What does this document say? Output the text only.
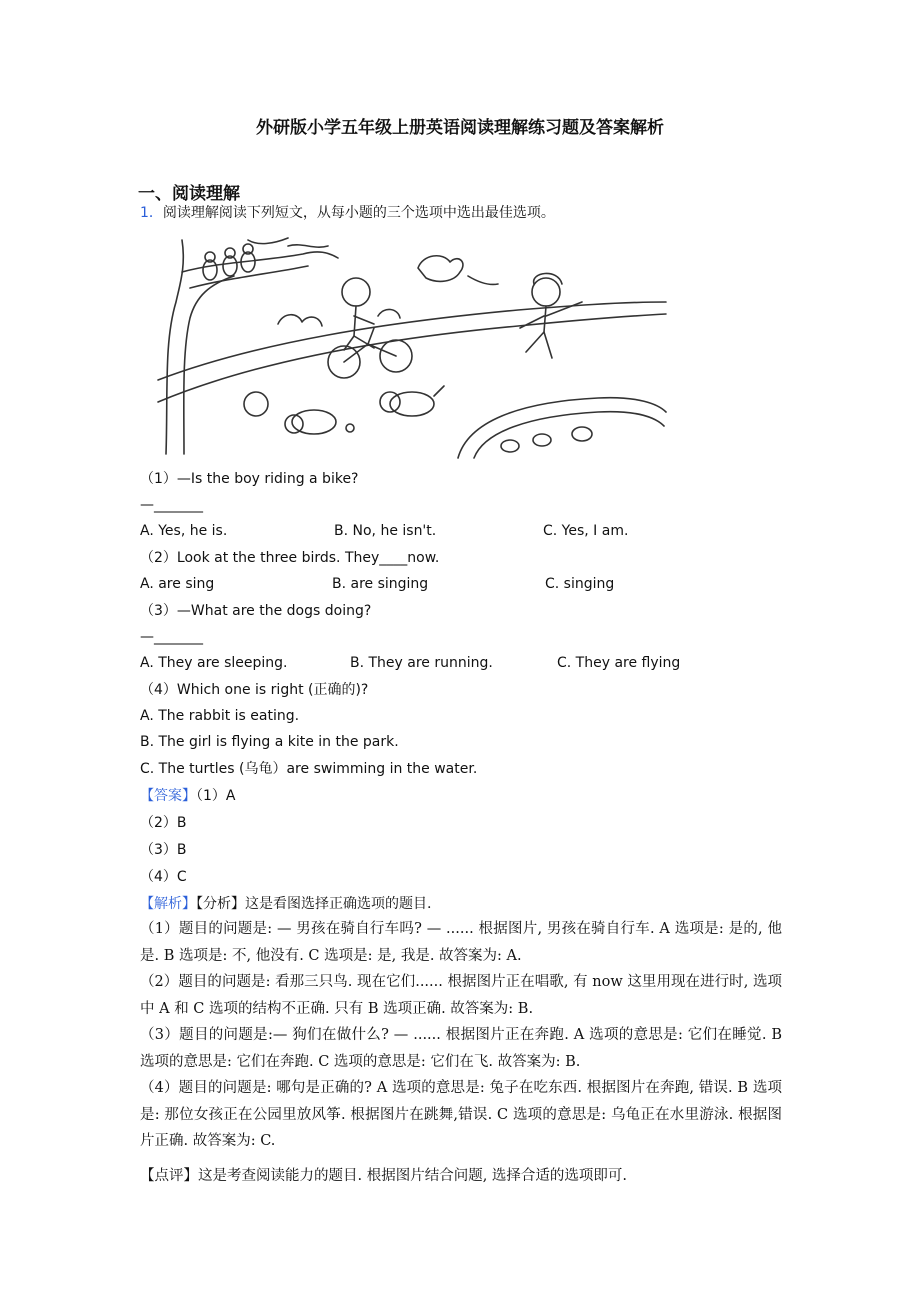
外研版小学五年级上册英语阅读理解练习题及答案解析
一、阅读理解
1．阅读理解阅读下列短文，从每小题的三个选项中选出最佳选项。
（1）—Is the boy riding a bike?
—_______
A. Yes, he is.	B. No, he isn't.	C. Yes, I am.
（2）Look at the three birds. They____now.
A. are sing	B. are singing	C. singing
（3）—What are the dogs doing?
—_______
A. They are sleeping.	B. They are running.	C. They are flying
（4）Which one is right (正确的)?
A. The rabbit is eating.
B. The girl is flying a kite in the park.
C. The turtles (乌龟）are swimming in the water.
【答案】（1）A
（2）B
（3）B
（4）C
【解析】【分析】这是看图选择正确选项的题目.
（1）题目的问题是: — 男孩在骑自行车吗? — ...... 根据图片, 男孩在骑自行车. A 选项是: 是的, 他是. B 选项是: 不, 他没有. C 选项是: 是, 我是. 故答案为: A.
（2）题目的问题是: 看那三只鸟. 现在它们...... 根据图片正在唱歌, 有 now 这里用现在进行时, 选项中 A 和 C 选项的结构不正确. 只有 B 选项正确. 故答案为: B.
（3）题目的问题是:— 狗们在做什么? — ...... 根据图片正在奔跑. A 选项的意思是: 它们在睡觉. B 选项的意思是: 它们在奔跑. C 选项的意思是: 它们在飞. 故答案为: B.
（4）题目的问题是: 哪句是正确的? A 选项的意思是: 兔子在吃东西. 根据图片在奔跑, 错误. B 选项是: 那位女孩正在公园里放风筝. 根据图片在跳舞,错误. C 选项的意思是: 乌龟正在水里游泳. 根据图片正确. 故答案为: C.
【点评】这是考查阅读能力的题目. 根据图片结合问题, 选择合适的选项即可.
